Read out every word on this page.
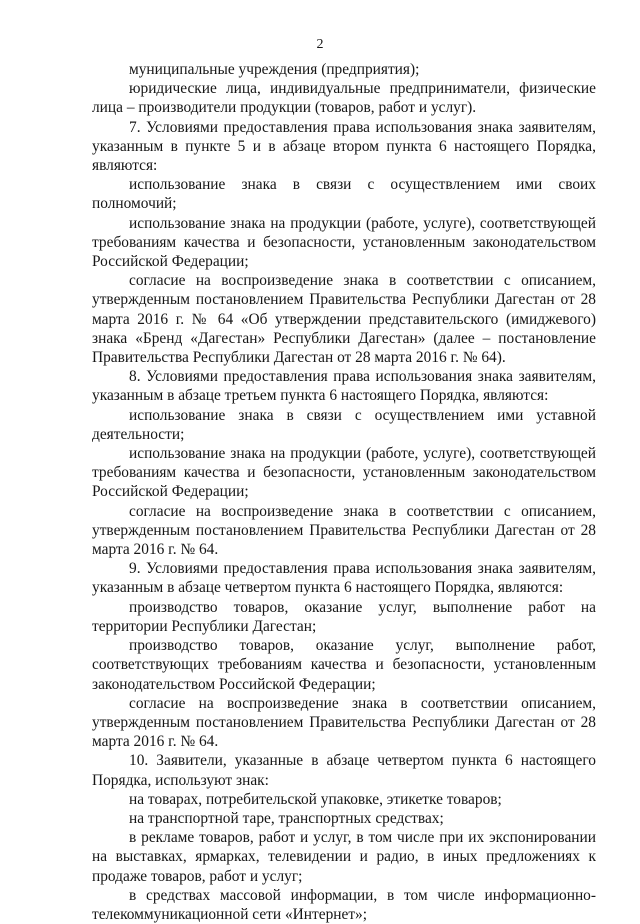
2

муниципальные учреждения (предприятия);

юридические лица, индивидуальные предприниматели, физические лица – производители продукции (товаров, работ и услуг).

7. Условиями предоставления права использования знака заявителям, указанным в пункте 5 и в абзаце втором пункта 6 настоящего Порядка, являются:

использование знака в связи с осуществлением ими своих полномочий;

использование знака на продукции (работе, услуге), соответствующей требованиям качества и безопасности, установленным законодательством Российской Федерации;

согласие на воспроизведение знака в соответствии с описанием, утвержденным постановлением Правительства Республики Дагестан от 28 марта 2016 г. № 64 «Об утверждении представительского (имиджевого) знака «Бренд «Дагестан» Республики Дагестан» (далее – постановление Правительства Республики Дагестан от 28 марта 2016 г. № 64).

8. Условиями предоставления права использования знака заявителям, указанным в абзаце третьем пункта 6 настоящего Порядка, являются:

использование знака в связи с осуществлением ими уставной деятельности;

использование знака на продукции (работе, услуге), соответствующей требованиям качества и безопасности, установленным законодательством Российской Федерации;

согласие на воспроизведение знака в соответствии с описанием, утвержденным постановлением Правительства Республики Дагестан от 28 марта 2016 г. № 64.

9. Условиями предоставления права использования знака заявителям, указанным в абзаце четвертом пункта 6 настоящего Порядка, являются:

производство товаров, оказание услуг, выполнение работ на территории Республики Дагестан;

производство товаров, оказание услуг, выполнение работ, соответствующих требованиям качества и безопасности, установленным законодательством Российской Федерации;

согласие на воспроизведение знака в соответствии описанием, утвержденным постановлением Правительства Республики Дагестан от 28 марта 2016 г. № 64.

10. Заявители, указанные в абзаце четвертом пункта 6 настоящего Порядка, используют знак:

на товарах, потребительской упаковке, этикетке товаров;

на транспортной таре, транспортных средствах;

в рекламе товаров, работ и услуг, в том числе при их экспонировании на выставках, ярмарках, телевидении и радио, в иных предложениях к продаже товаров, работ и услуг;

в средствах массовой информации, в том числе информационно-телекоммуникационной сети «Интернет»;
